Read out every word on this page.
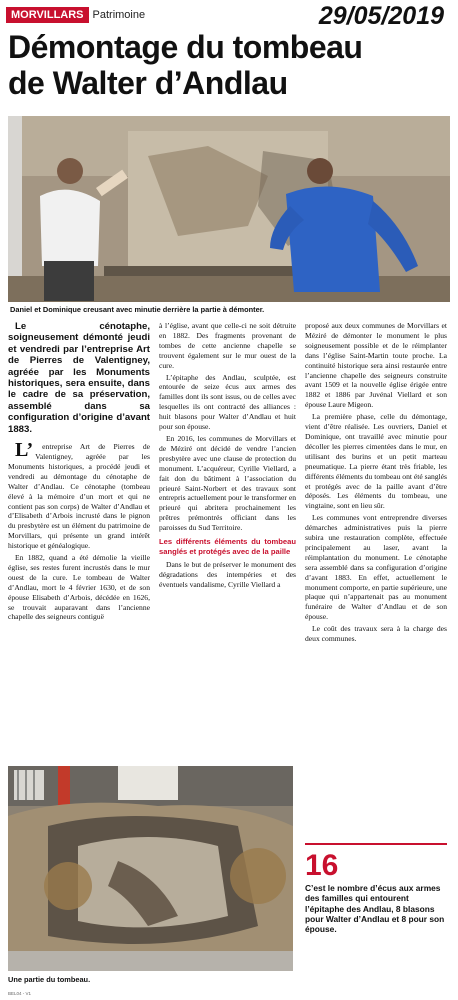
MORVILLARS Patrimoine	29/05/2019
Démontage du tombeau
de Walter d’Andlau
Daniel et Dominique creusant avec minutie derrière la partie à démonter.

Le cénotaphe, soigneusement démonté jeudi et vendredi par l’entreprise Art de Pierres de Valentigney, agréée par les Monuments historiques, sera ensuite, dans le cadre de sa préservation, assemblé dans sa configuration d’origine d’avant 1883.

L’entreprise Art de Pierres de Valentigney, agréée par les Monuments historiques, a procédé jeudi et vendredi au démontage du cénotaphe de Walter d’Andlau. Ce cénotaphe (tombeau élevé à la mémoire d’un mort et qui ne contient pas son corps) de Walter d’Andlau et d’Elisabeth d’Arbois incrusté dans le pignon du presbytère est un élément du patrimoine de Morvillars, qui présente un grand intérêt historique et généalogique.

En 1882, quand a été démolie la vieille église, ses restes furent incrustés dans le mur ouest de la cure. Le tombeau de Walter d’Andlau, mort le 4 février 1630, et de son épouse Elisabeth d’Arbois, décédée en 1626, se trouvait auparavant dans l’ancienne chapelle des seigneurs contiguë

à l’église, avant que celle-ci ne soit détruite en 1882. Des fragments provenant de tombes de cette ancienne chapelle se trouvent également sur le mur ouest de la cure.

L’épitaphe des Andlau, sculptée, est entourée de seize écus aux armes des familles dont ils sont issus, ou de celles avec lesquelles ils ont contracté des alliances : huit blasons pour Walter d’Andlau et huit pour son épouse.

En 2016, les communes de Morvillars et de Méziré ont décidé de vendre l’ancien presbytère avec une clause de protection du monument. L’acquéreur, Cyrille Viellard, a fait don du bâtiment à l’association du prieuré Saint-Norbert et des travaux sont entrepris actuellement pour le transformer en prieuré qui abritera prochainement les prêtres prémontrés officiant dans les paroisses du Sud Territoire.

Les différents éléments du tombeau sanglés et protégés avec de la paille

Dans le but de préserver le monument des dégradations des intempéries et des éventuels vandalisme, Cyrille Viellard a

proposé aux deux communes de Morvillars et Méziré de démonter le monument le plus soigneusement possible et de le réimplanter dans l’église Saint-Martin toute proche. La continuité historique sera ainsi restaurée entre l’ancienne chapelle des seigneurs construite avant 1509 et la nouvelle église érigée entre 1882 et 1886 par Juvénal Viellard et son épouse Laure Migeon.

La première phase, celle du démontage, vient d’être réalisée. Les ouvriers, Daniel et Dominique, ont travaillé avec minutie pour décoller les pierres cimentées dans le mur, en utilisant des burins et un petit marteau pneumatique. La pierre étant très friable, les différents éléments du tombeau ont été sanglés et protégés avec de la paille avant d’être déposés. Les éléments du tombeau, une vingtaine, sont en lieu sûr.

Les communes vont entreprendre diverses démarches administratives puis la pierre subira une restauration complète, effectuée principalement au laser, avant la réimplantation du monument. Le cénotaphe sera assemblé dans sa configuration d’origine d’avant 1883. En effet, actuellement le monument comporte, en partie supérieure, une plaque qui n’appartenait pas au monument funéraire de Walter d’Andlau et de son épouse.

Le coût des travaux sera à la charge des deux communes.

Une partie du tombeau.
16
C’est le nombre d’écus aux armes des familles qui entourent l’épitaphe des Andlau, 8 blasons pour Walter d’Andlau et 8 pour son épouse.
BEL04 - V1
